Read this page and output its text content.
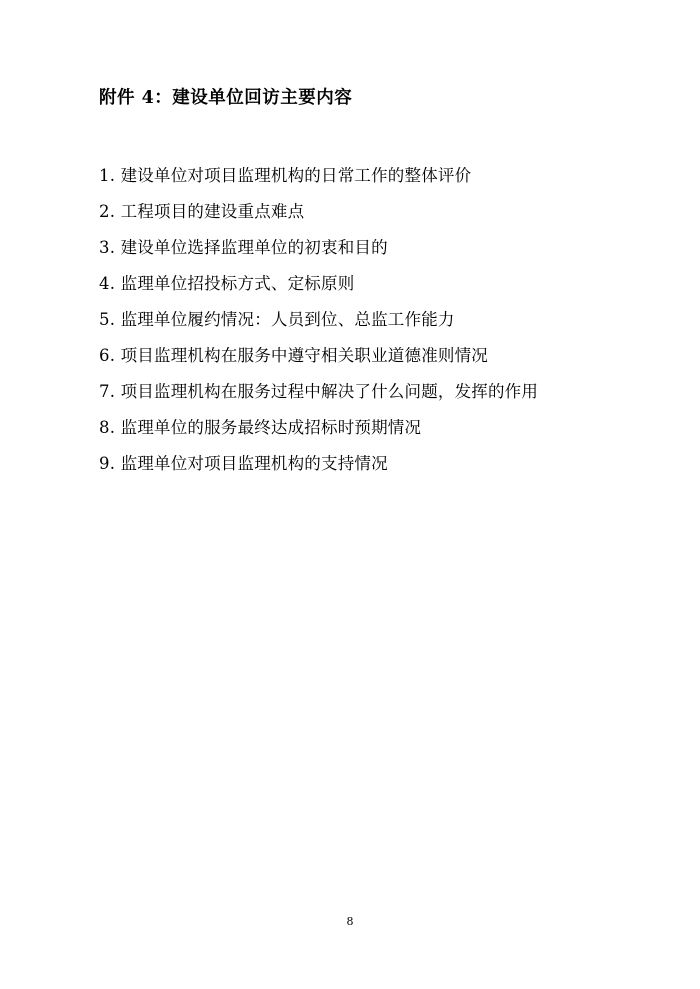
附件 4：建设单位回访主要内容
1. 建设单位对项目监理机构的日常工作的整体评价
2. 工程项目的建设重点难点
3. 建设单位选择监理单位的初衷和目的
4. 监理单位招投标方式、定标原则
5. 监理单位履约情况：人员到位、总监工作能力
6. 项目监理机构在服务中遵守相关职业道德准则情况
7. 项目监理机构在服务过程中解决了什么问题，发挥的作用
8. 监理单位的服务最终达成招标时预期情况
9. 监理单位对项目监理机构的支持情况
8
